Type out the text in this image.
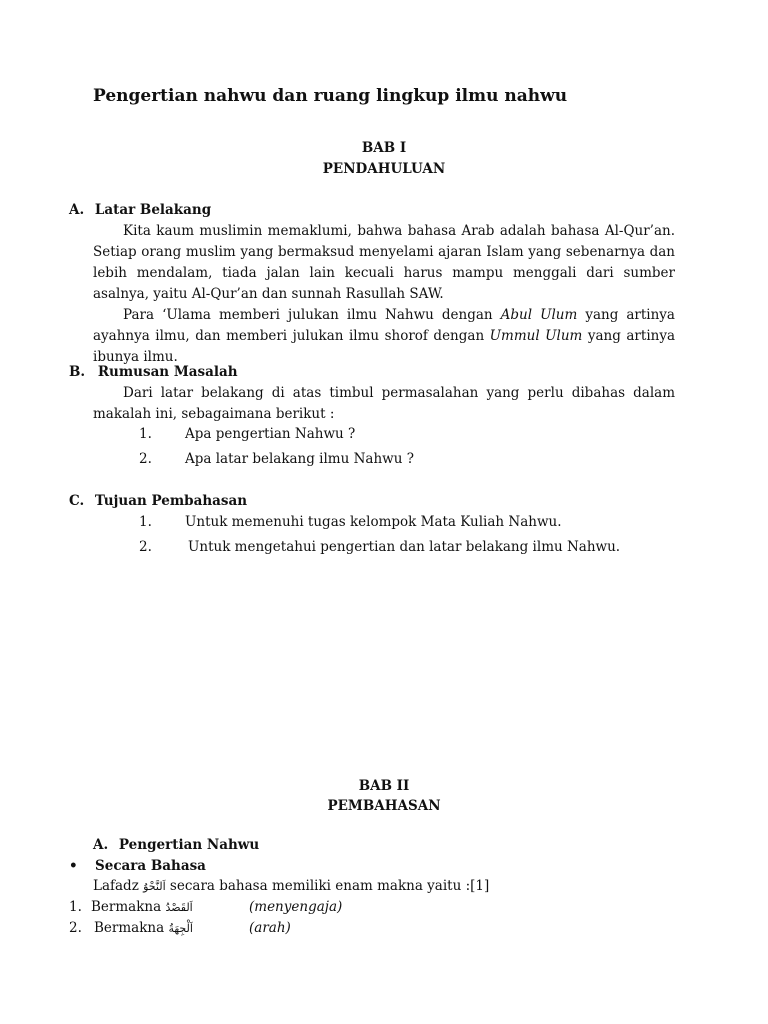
Pengertian nahwu dan ruang lingkup ilmu nahwu
BAB I
PENDAHULUAN
A. Latar Belakang

Kita kaum muslimin memaklumi, bahwa bahasa Arab adalah bahasa Al-Qur’an. Setiap orang muslim yang bermaksud menyelami ajaran Islam yang sebenarnya dan lebih mendalam, tiada jalan lain kecuali harus mampu menggali dari sumber asalnya, yaitu Al-Qur’an dan sunnah Rasullah SAW.

Para ‘Ulama memberi julukan ilmu Nahwu dengan Abul Ulum yang artinya ayahnya ilmu, dan memberi julukan ilmu shorof dengan Ummul Ulum yang artinya ibunya ilmu.

B. Rumusan Masalah

Dari latar belakang di atas timbul permasalahan yang perlu dibahas dalam makalah ini, sebagaimana berikut :

1. Apa pengertian Nahwu ?
2. Apa latar belakang ilmu Nahwu ?
C. Tujuan Pembahasan
1. Untuk memenuhi tugas kelompok Mata Kuliah Nahwu.
2.	Untuk mengetahui pengertian dan latar belakang ilmu Nahwu.
BAB II
PEMBAHASAN
A. Pengertian Nahwu
• Secara Bahasa
Lafadz اَلنَّحْوُ secara bahasa memiliki enam makna yaitu :[1]
1. Bermakna اَلقَصْدُ	(menyengaja)
2. Bermakna اَلْجِهَةُ	(arah)
